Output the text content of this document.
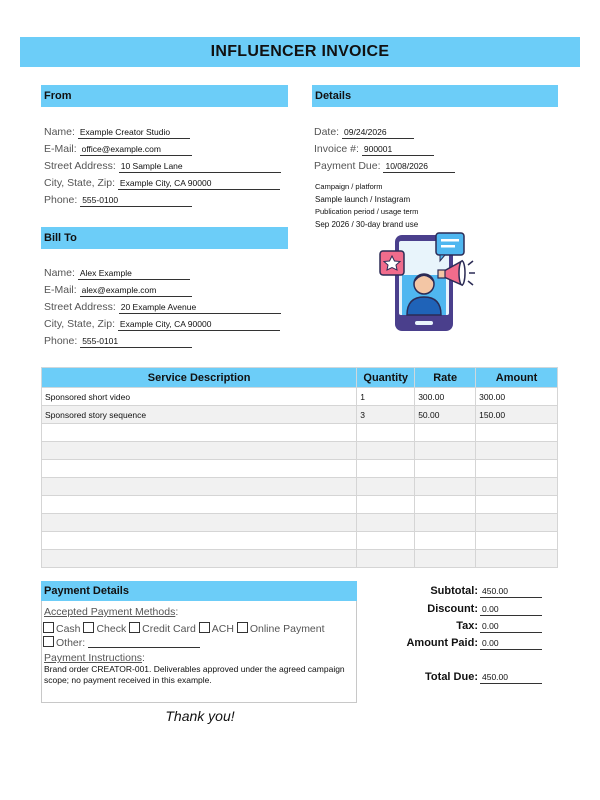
INFLUENCER INVOICE
From
Name: Example Creator Studio
E-Mail: office@example.com
Street Address: 10 Sample Lane
City, State, Zip: Example City, CA 90000
Phone: 555-0100
Details
Date: 09/24/2026
Invoice #: 900001
Payment Due: 10/08/2026
Campaign / platform
Sample launch / Instagram
Publication period / usage term
Sep 2026 / 30-day brand use
Bill To
Name: Alex Example
E-Mail: alex@example.com
Street Address: 20 Example Avenue
City, State, Zip: Example City, CA 90000
Phone: 555-0101
Service Description	Quantity	Rate	Amount
Sponsored short video	1	300.00	300.00
Sponsored story sequence	3	50.00	150.00

Payment Details
Accepted Payment Methods:
Cash Check Credit Card ACH Online Payment
Other:
Payment Instructions:
Brand order CREATOR-001. Deliverables approved under the agreed campaign scope; no payment received in this example.
Subtotal: 450.00
Discount: 0.00
Tax: 0.00
Amount Paid: 0.00
Total Due: 450.00
Thank you!
